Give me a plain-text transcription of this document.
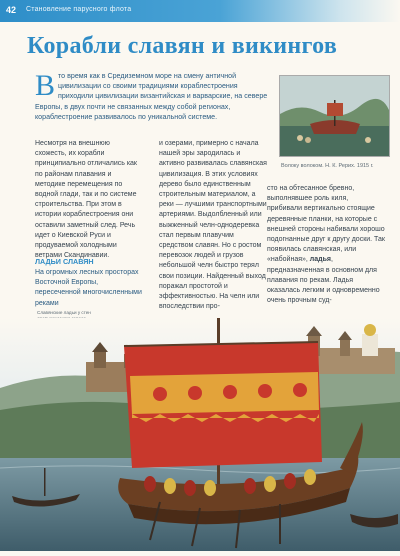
42 Становление парусного флота
Корабли славян и викингов
Вто время как в Средиземном море на смену античной цивилизации со своими традициями кораблестроения приходили цивилизации византийская и варварские, на севере Европы, в двух почти не связанных между собой регионах, кораблестроение развивалось по уникальной системе.
Волоку волоком. Н. К. Рерих. 1915 г.
Несмотря на внешнюю схожесть, их корабли принципиально отличались как по районам плавания и методике перемещения по водной глади, так и по системе строительства. При этом в истории кораблестроения они оставили заметный след. Речь идет о Киевской Руси и продуваемой холодными ветрами Скандинавии.
и озерами, примерно с начала нашей эры зародилась и активно развивалась славянская цивилизация. В этих условиях дерево было единственным строительным материалом, а реки — лучшими транспортными артериями. Выдолбленный или выжженный челн-однодеревка стал первым плавучим средством славян. Но с ростом перевозок людей и грузов небольшой челн быстро терял свои позиции. Найденный выход поражал простотой и эффективностью. На челн или впоследствии про-
сто на обтесанное бревно, выполнявшее роль киля, прибивали вертикально стоящие деревянные планки, на которые с внешней стороны набивали хорошо подогнанные друг к другу доски. Так появилась славянская, или «набойная», ладья, предназначенная в основном для плавания по рекам. Ладья оказалась легким и одновременно очень прочным суд-
ЛАДЬИ СЛАВЯН
На огромных лесных просторах Восточной Европы, пересеченной многочисленными реками
Славянские ладьи у стен
